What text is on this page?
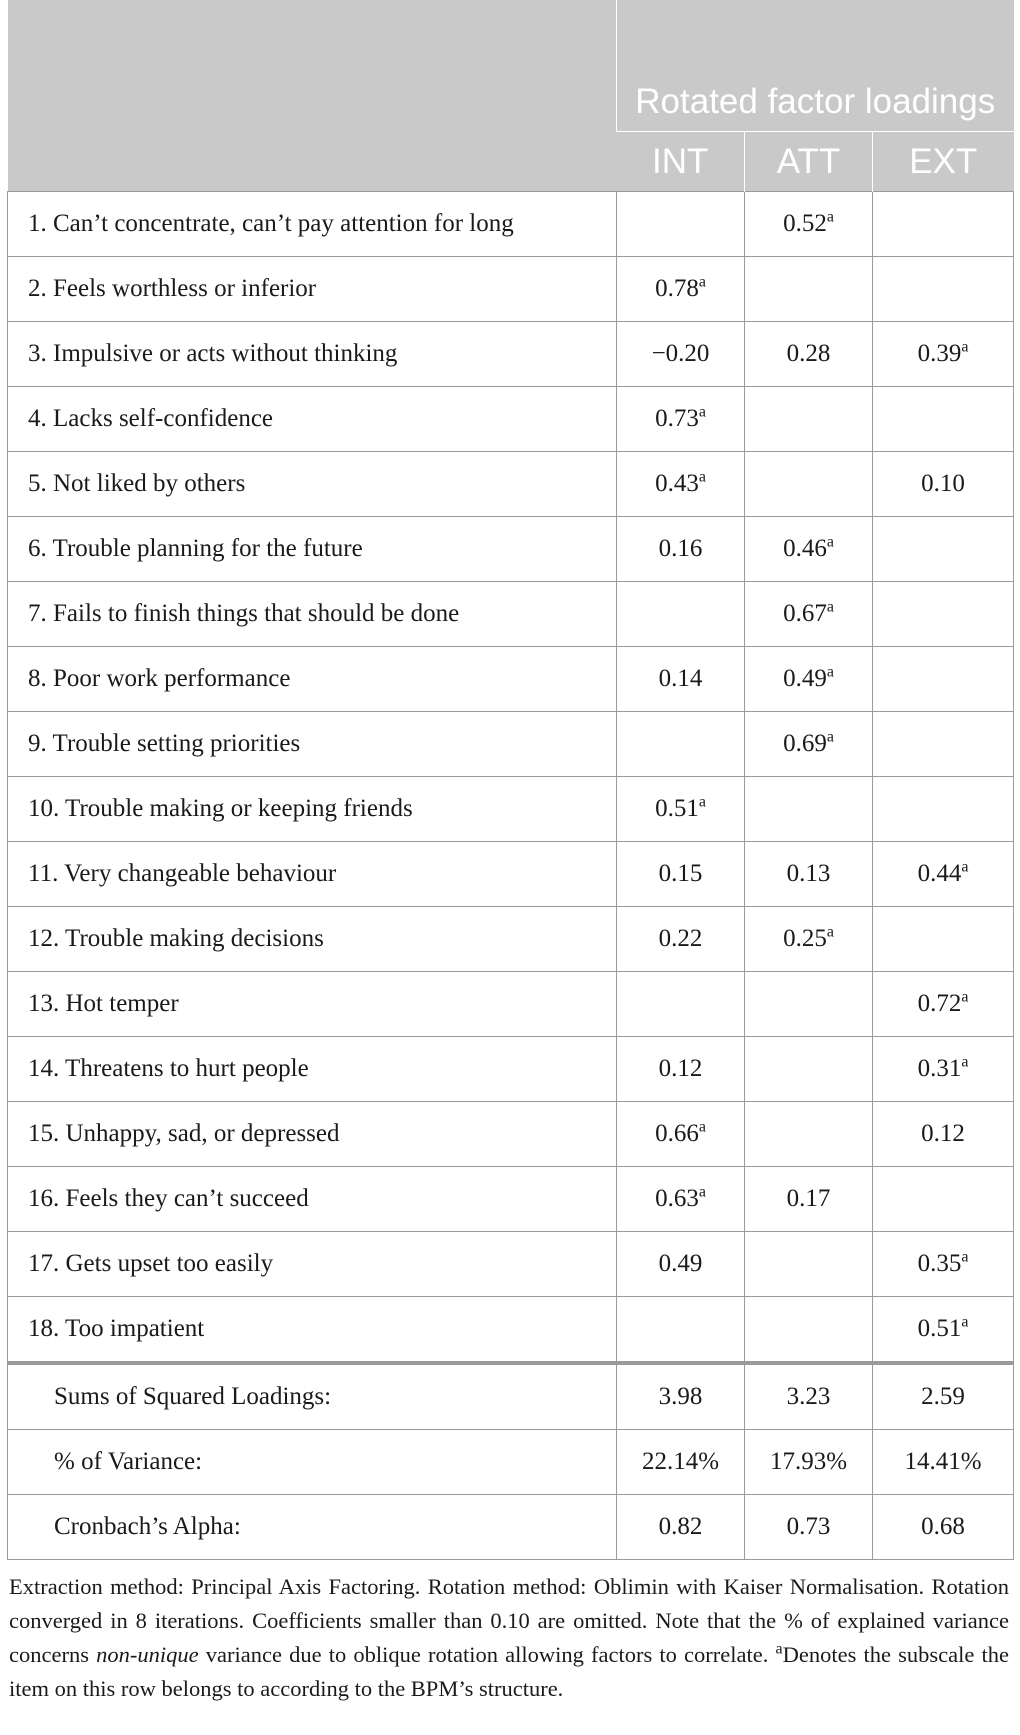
	Rotated factor loadings		
	INT	ATT	EXT
1. Can’t concentrate, can’t pay attention for long		0.52$^a$	
2. Feels worthless or inferior	0.78$^a$		
3. Impulsive or acts without thinking	−0.20	0.28	0.39$^a$
4. Lacks self-confidence	0.73$^a$		
5. Not liked by others	0.43$^a$		0.10
6. Trouble planning for the future	0.16	0.46$^a$	
7. Fails to finish things that should be done		0.67$^a$	
8. Poor work performance	0.14	0.49$^a$	
9. Trouble setting priorities		0.69$^a$	
10. Trouble making or keeping friends	0.51$^a$		
11. Very changeable behaviour	0.15	0.13	0.44$^a$
12. Trouble making decisions	0.22	0.25$^a$	
13. Hot temper			0.72$^a$
14. Threatens to hurt people	0.12		0.31$^a$
15. Unhappy, sad, or depressed	0.66$^a$		0.12
16. Feels they can’t succeed	0.63$^a$	0.17	
17. Gets upset too easily	0.49		0.35$^a$
18. Too impatient			0.51$^a$
Sums of Squared Loadings:	3.98	3.23	2.59
% of Variance:	22.14%	17.93%	14.41%
Cronbach’s Alpha:	0.82	0.73	0.68
Extraction method: Principal Axis Factoring. Rotation method: Oblimin with Kaiser Normalisation. Rotation converged in 8 iterations. Coefficients smaller than 0.10 are omitted. Note that the % of explained variance concerns non-unique variance due to oblique rotation allowing factors to correlate. $^a$Denotes the subscale the item on this row belongs to according to the BPM’s structure.
